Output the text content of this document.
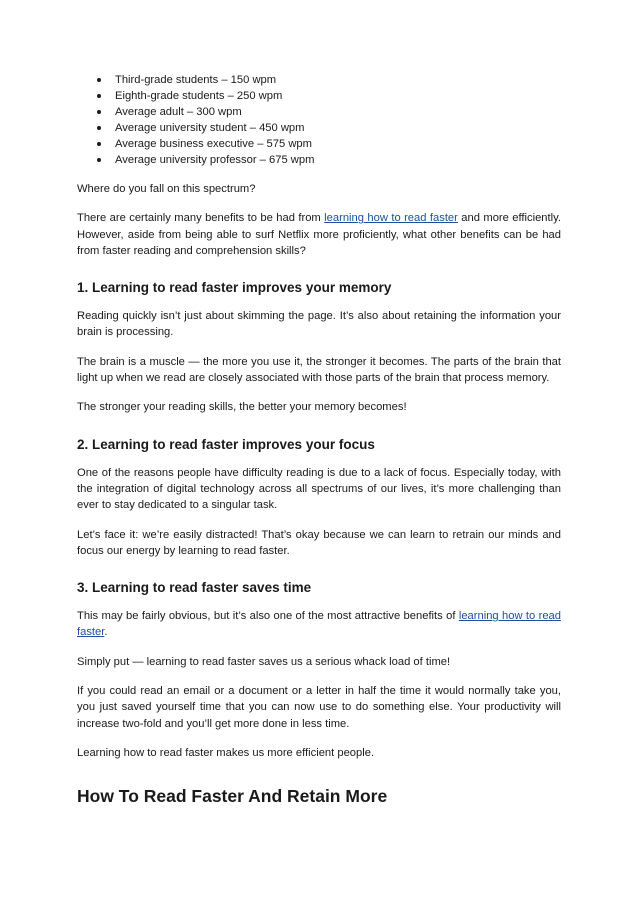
Third-grade students – 150 wpm
Eighth-grade students – 250 wpm
Average adult – 300 wpm
Average university student – 450 wpm
Average business executive – 575 wpm
Average university professor – 675 wpm

Where do you fall on this spectrum?

There are certainly many benefits to be had from learning how to read faster and more efficiently. However, aside from being able to surf Netflix more proficiently, what other benefits can be had from faster reading and comprehension skills?

1. Learning to read faster improves your memory

Reading quickly isn’t just about skimming the page. It’s also about retaining the information your brain is processing.

The brain is a muscle — the more you use it, the stronger it becomes. The parts of the brain that light up when we read are closely associated with those parts of the brain that process memory.

The stronger your reading skills, the better your memory becomes!

2. Learning to read faster improves your focus

One of the reasons people have difficulty reading is due to a lack of focus. Especially today, with the integration of digital technology across all spectrums of our lives, it’s more challenging than ever to stay dedicated to a singular task.

Let’s face it: we’re easily distracted! That’s okay because we can learn to retrain our minds and focus our energy by learning to read faster.

3. Learning to read faster saves time

This may be fairly obvious, but it’s also one of the most attractive benefits of learning how to read faster.

Simply put — learning to read faster saves us a serious whack load of time!

If you could read an email or a document or a letter in half the time it would normally take you, you just saved yourself time that you can now use to do something else. Your productivity will increase two-fold and you’ll get more done in less time.

Learning how to read faster makes us more efficient people.

How To Read Faster And Retain More
